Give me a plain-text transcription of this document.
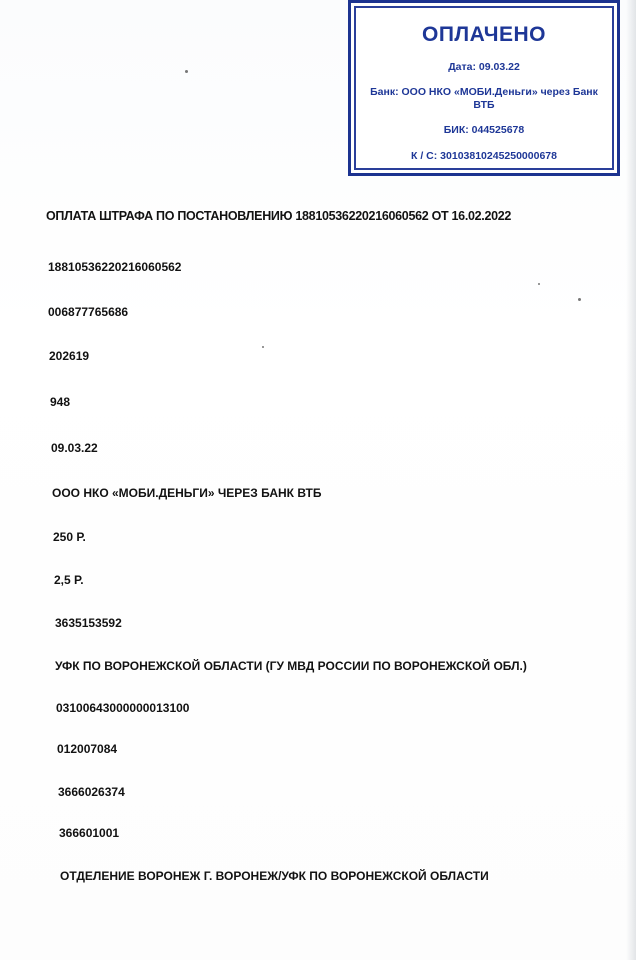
ОПЛАЧЕНО
Дата: 09.03.22
Банк: ООО НКО «МОБИ.Деньги» через Банк ВТБ
БИК: 044525678
К / С: 30103810245250000678
ОПЛАТА ШТРАФА ПО ПОСТАНОВЛЕНИЮ 18810536220216060562 ОТ 16.02.2022
18810536220216060562
006877765686
202619
948
09.03.22
ООО НКО «МОБИ.ДЕНЬГИ» ЧЕРЕЗ БАНК ВТБ
250 Р.
2,5 Р.
3635153592
УФК ПО ВОРОНЕЖСКОЙ ОБЛАСТИ (ГУ МВД РОССИИ ПО ВОРОНЕЖСКОЙ ОБЛ.)
03100643000000013100
012007084
3666026374
366601001
ОТДЕЛЕНИЕ ВОРОНЕЖ Г. ВОРОНЕЖ/УФК ПО ВОРОНЕЖСКОЙ ОБЛАСТИ
